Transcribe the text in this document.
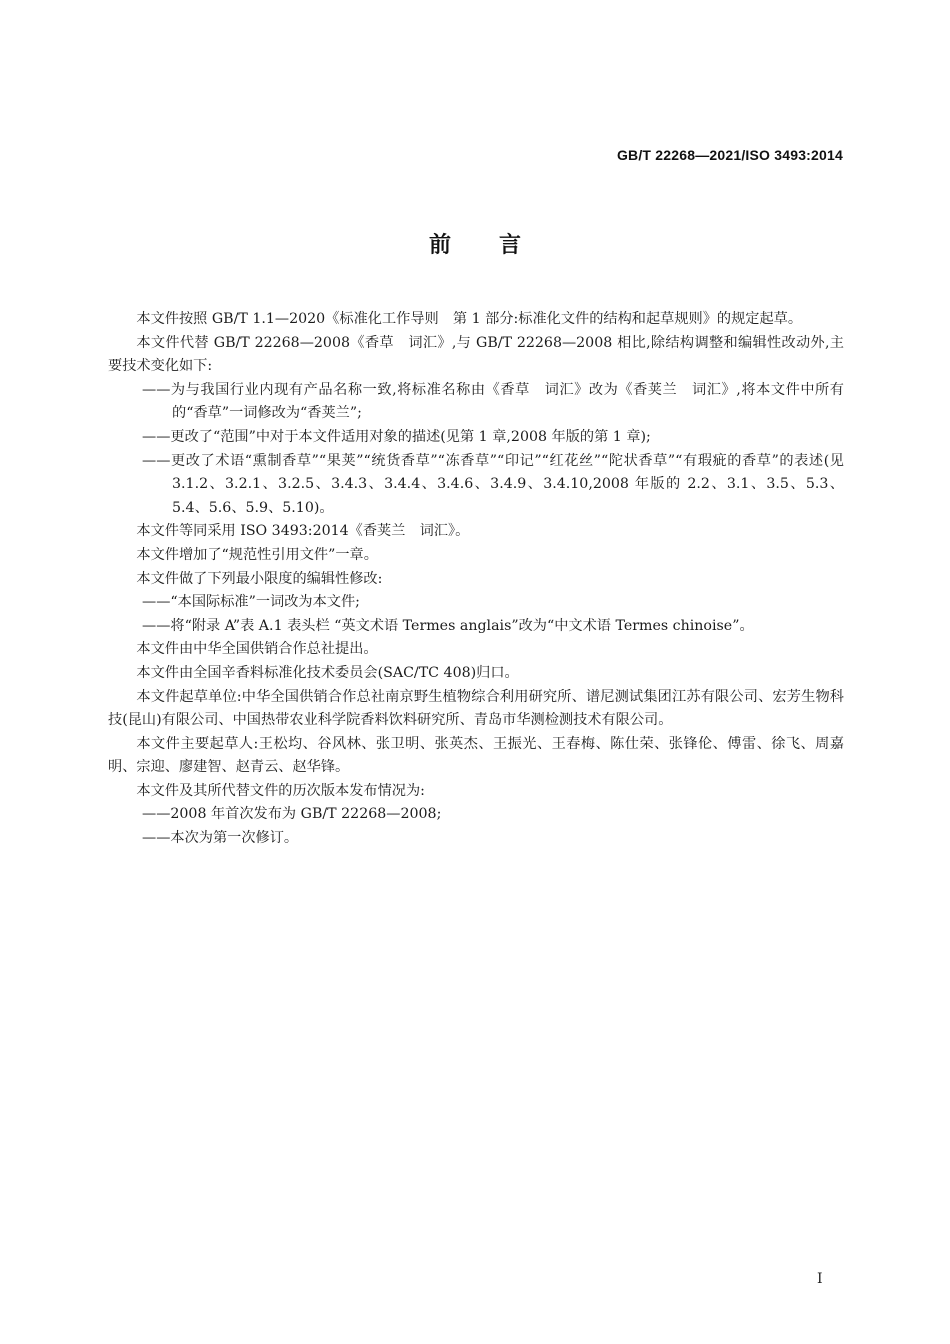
GB/T 22268—2021/ISO 3493:2014
前言

本文件按照 GB/T 1.1—2020《标准化工作导则　第 1 部分:标准化文件的结构和起草规则》的规定起草。

本文件代替 GB/T 22268—2008《香草　词汇》,与 GB/T 22268—2008 相比,除结构调整和编辑性改动外,主要技术变化如下:

——为与我国行业内现有产品名称一致,将标准名称由《香草　词汇》改为《香荚兰　词汇》,将本文件中所有的“香草”一词修改为“香荚兰”;

——更改了“范围”中对于本文件适用对象的描述(见第 1 章,2008 年版的第 1 章);

——更改了术语“熏制香草”“果荚”“统货香草”“冻香草”“印记”“红花丝”“陀状香草”“有瑕疵的香草”的表述(见 3.1.2、3.2.1、3.2.5、3.4.3、3.4.4、3.4.6、3.4.9、3.4.10,2008 年版的 2.2、3.1、3.5、5.3、5.4、5.6、5.9、5.10)。

本文件等同采用 ISO 3493:2014《香荚兰　词汇》。

本文件增加了“规范性引用文件”一章。

本文件做了下列最小限度的编辑性修改:

——“本国际标准”一词改为本文件;

——将“附录 A”表 A.1 表头栏 “英文术语 Termes anglais”改为“中文术语 Termes chinoise”。

本文件由中华全国供销合作总社提出。

本文件由全国辛香料标准化技术委员会(SAC/TC 408)归口。

本文件起草单位:中华全国供销合作总社南京野生植物综合利用研究所、谱尼测试集团江苏有限公司、宏芳生物科技(昆山)有限公司、中国热带农业科学院香料饮料研究所、青岛市华测检测技术有限公司。

本文件主要起草人:王松均、谷风林、张卫明、张英杰、王振光、王春梅、陈仕荣、张锋伦、傅雷、徐飞、周嘉明、宗迎、廖建智、赵青云、赵华锋。

本文件及其所代替文件的历次版本发布情况为:

——2008 年首次发布为 GB/T 22268—2008;

——本次为第一次修订。

I
